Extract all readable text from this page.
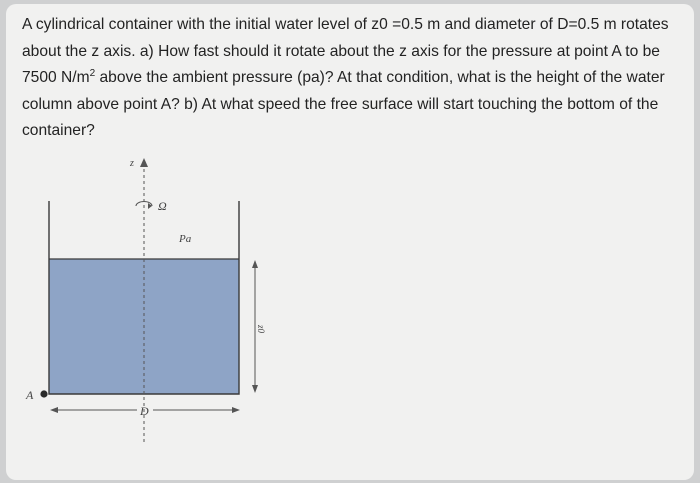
A cylindrical container with the initial water level of z0 =0.5 m and diameter of D=0.5 m rotates about the z axis. a) How fast should it rotate about the z axis for the pressure at point A to be 7500 $N/m^2$ above the ambient pressure (pa)? At that condition, what is the height of the water column above point A? b) At what speed the free surface will start touching the bottom of the container?

z
Ω
Pa
z0
A
D
